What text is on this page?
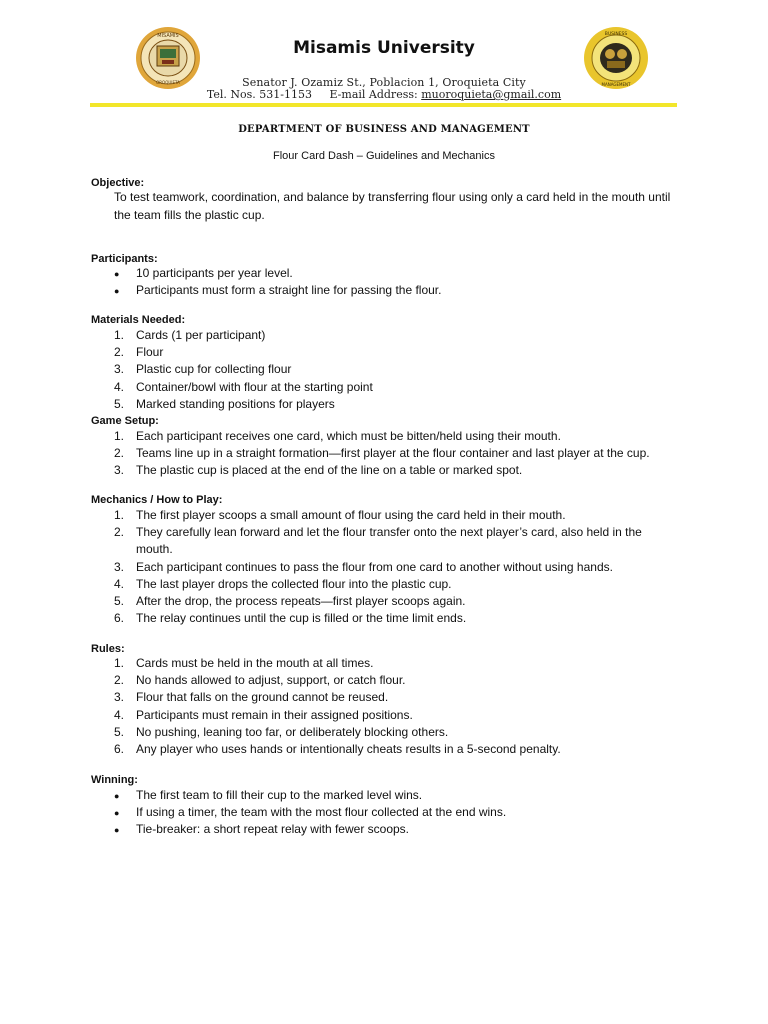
MISAMIS
OROQUIETA
Misamis University
BUSINESS
MANAGEMENT
Senator J. Ozamiz St., Poblacion 1, Oroquieta City
Tel. Nos. 531-1153 E-mail Address: muoroquieta@gmail.com
DEPARTMENT OF BUSINESS AND MANAGEMENT
Flour Card Dash – Guidelines and Mechanics
Objective:

To test teamwork, coordination, and balance by transferring flour using only a card held in the mouth until the team fills the plastic cup.

Participants:
●	10 participants per year level.
●	Participants must form a straight line for passing the flour.
Materials Needed:
1. Cards (1 per participant)
2. Flour
3. Plastic cup for collecting flour
4. Container/bowl with flour at the starting point
5. Marked standing positions for players
Game Setup:
1. Each participant receives one card, which must be bitten/held using their mouth.
2. Teams line up in a straight formation—first player at the flour container and last player at the cup.
3. The plastic cup is placed at the end of the line on a table or marked spot.
Mechanics / How to Play:
1. The first player scoops a small amount of flour using the card held in their mouth.
2. They carefully lean forward and let the flour transfer onto the next player’s card, also held in the mouth.
3. Each participant continues to pass the flour from one card to another without using hands.
4. The last player drops the collected flour into the plastic cup.
5. After the drop, the process repeats—first player scoops again.
6. The relay continues until the cup is filled or the time limit ends.
Rules:
1. Cards must be held in the mouth at all times.
2. No hands allowed to adjust, support, or catch flour.
3. Flour that falls on the ground cannot be reused.
4. Participants must remain in their assigned positions.
5. No pushing, leaning too far, or deliberately blocking others.
6. Any player who uses hands or intentionally cheats results in a 5-second penalty.
Winning:
●	The first team to fill their cup to the marked level wins.
●	If using a timer, the team with the most flour collected at the end wins.
●	Tie-breaker: a short repeat relay with fewer scoops.
